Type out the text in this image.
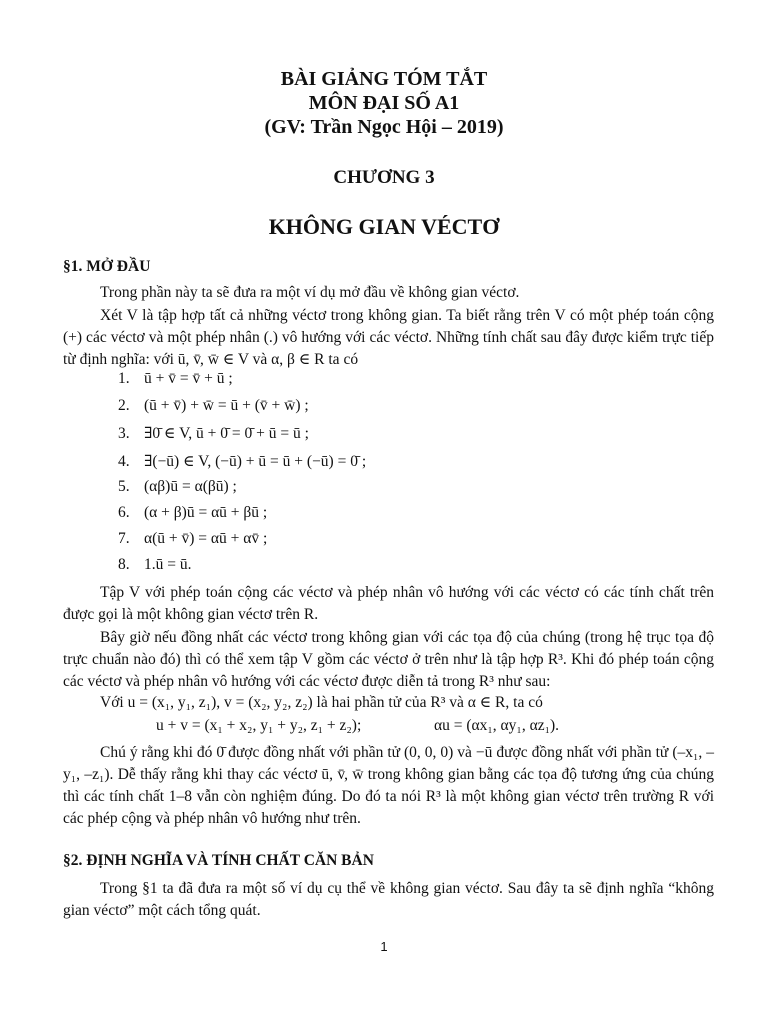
BÀI GIẢNG TÓM TẮT
MÔN ĐẠI SỐ A1
(GV: Trần Ngọc Hội – 2019)
CHƯƠNG 3
KHÔNG GIAN VÉCTƠ
§1. MỞ ĐẦU

Trong phần này ta sẽ đưa ra một ví dụ mở đầu về không gian véctơ.

Xét V là tập hợp tất cả những véctơ trong không gian. Ta biết rằng trên V có một phép toán cộng (+) các véctơ và một phép nhân (.) vô hướng với các véctơ. Những tính chất sau đây được kiểm trực tiếp từ định nghĩa: với ū, v̄, w̄ ∈ V và α, β ∈ R ta có

1. ū + v̄ = v̄ + ū ;
2. (ū + v̄) + w̄ = ū + (v̄ + w̄) ;
3. ∃0̄ ∈ V, ū + 0̄ = 0̄ + ū = ū ;
4. ∃(−ū) ∈ V, (−ū) + ū = ū + (−ū) = 0̄ ;
5. (αβ)ū = α(βū) ;
6. (α + β)ū = αū + βū ;
7. α(ū + v̄) = αū + αv̄ ;
8. 1.ū = ū.

Tập V với phép toán cộng các véctơ và phép nhân vô hướng với các véctơ có các tính chất trên được gọi là một không gian véctơ trên R.

Bây giờ nếu đồng nhất các véctơ trong không gian với các tọa độ của chúng (trong hệ trục tọa độ trực chuẩn nào đó) thì có thể xem tập V gồm các véctơ ở trên như là tập hợp R³. Khi đó phép toán cộng các véctơ và phép nhân vô hướng với các véctơ được diễn tả trong R³ như sau:

Với u = (x₁, y₁, z₁), v = (x₂, y₂, z₂) là hai phần tử của R³ và α ∈ R, ta có

u + v = (x₁ + x₂, y₁ + y₂, z₁ + z₂);	αu = (αx₁, αy₁, αz₁).

Chú ý rằng khi đó 0̄ được đồng nhất với phần tử (0, 0, 0) và −ū được đồng nhất với phần tử (–x₁, –y₁, –z₁). Dễ thấy rằng khi thay các véctơ ū, v̄, w̄ trong không gian bằng các tọa độ tương ứng của chúng thì các tính chất 1–8 vẫn còn nghiệm đúng. Do đó ta nói R³ là một không gian véctơ trên trường R với các phép cộng và phép nhân vô hướng như trên.

§2. ĐỊNH NGHĨA VÀ TÍNH CHẤT CĂN BẢN

Trong §1 ta đã đưa ra một số ví dụ cụ thể về không gian véctơ. Sau đây ta sẽ định nghĩa “không gian véctơ” một cách tổng quát.

1
